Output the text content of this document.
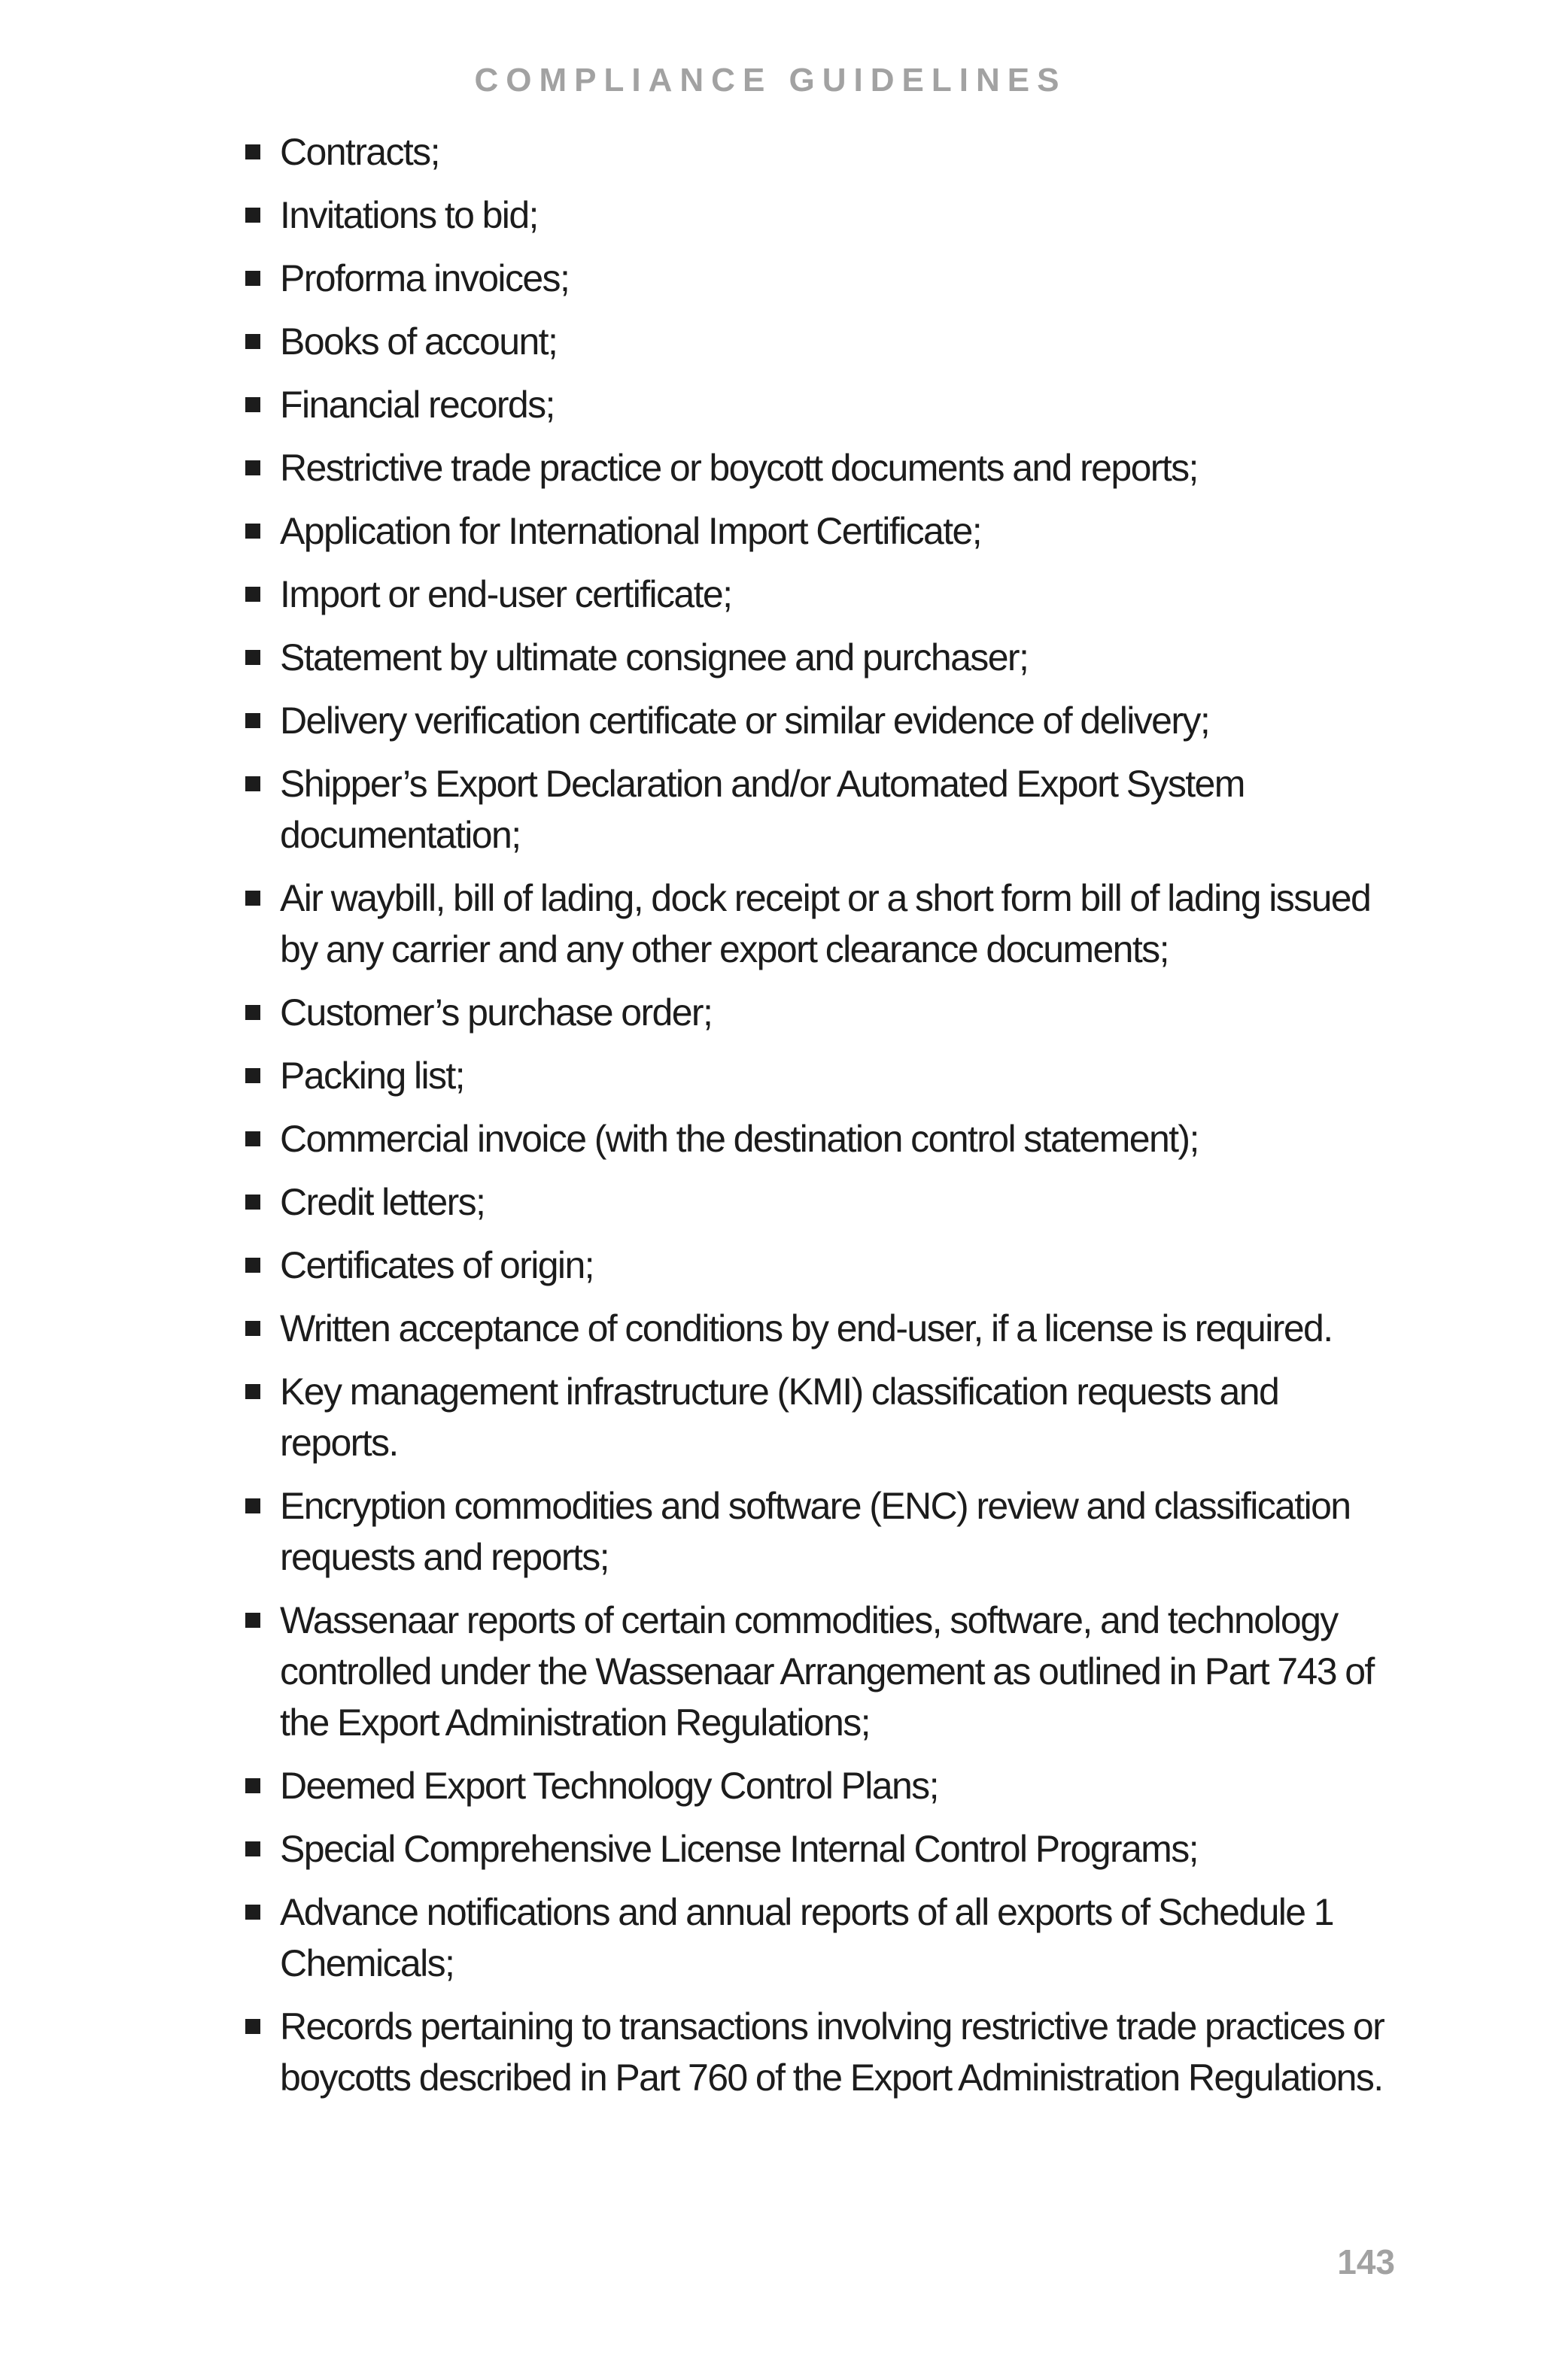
COMPLIANCE GUIDELINES
Contracts;
Invitations to bid;
Proforma invoices;
Books of account;
Financial records;
Restrictive trade practice or boycott documents and reports;
Application for International Import Certificate;
Import or end-user certificate;
Statement by ultimate consignee and purchaser;
Delivery verification certificate or similar evidence of delivery;
Shipper’s Export Declaration and/or Automated Export System documentation;
Air waybill, bill of lading, dock receipt or a short form bill of lading issued by any carrier and any other export clearance documents;
Customer’s purchase order;
Packing list;
Commercial invoice (with the destination control statement);
Credit letters;
Certificates of origin;
Written acceptance of conditions by end-user, if a license is required.
Key management infrastructure (KMI) classification requests and reports.
Encryption commodities and software (ENC) review and classification requests and reports;
Wassenaar reports of certain commodities, software, and technology controlled under the Wassenaar Arrangement as outlined in Part 743 of the Export Administration Regulations;
Deemed Export Technology Control Plans;
Special Comprehensive License Internal Control Programs;
Advance notifications and annual reports of all exports of Schedule 1 Chemicals;
Records pertaining to transactions involving restrictive trade practices or boycotts described in Part 760 of the Export Administration Regulations.
143
